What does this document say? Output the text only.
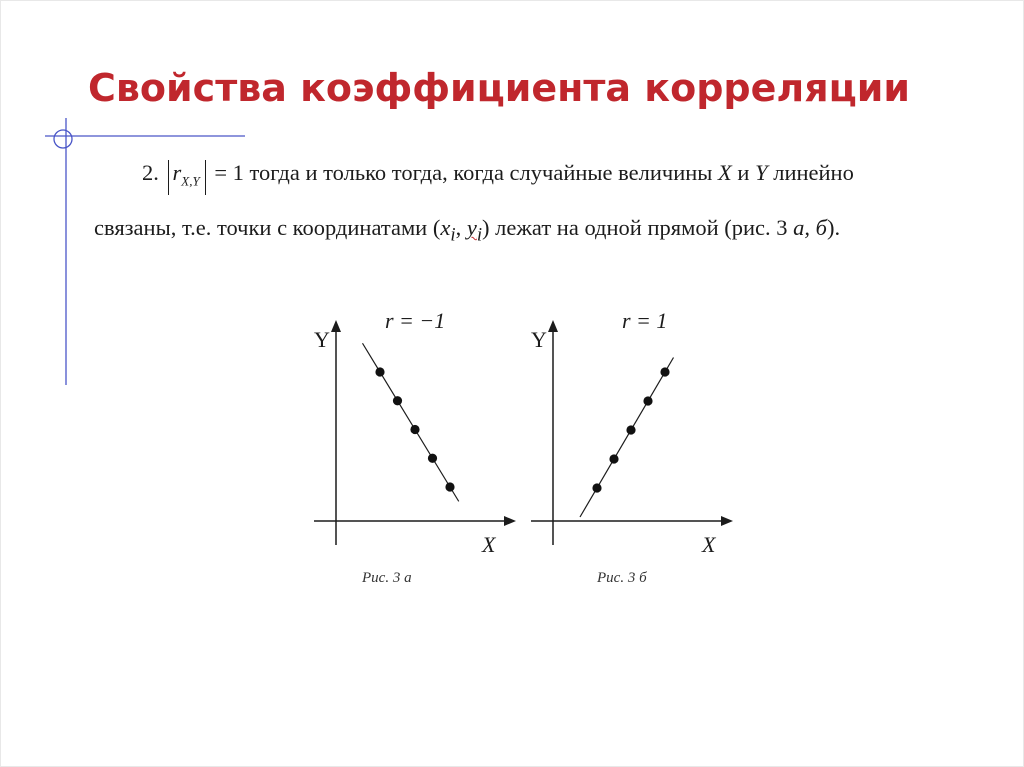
Свойства коэффициента корреляции
2. $r_{X,Y} = 1$ тогда и только тогда, когда случайные величины X и Y линейно
связаны, т.е. точки с координатами ($x_i$, $y_i$) лежат на одной прямой (рис. 3 а, б).
r = −1
Y
X
Рис. 3 а
r = 1
Y
X
Рис. 3 б
